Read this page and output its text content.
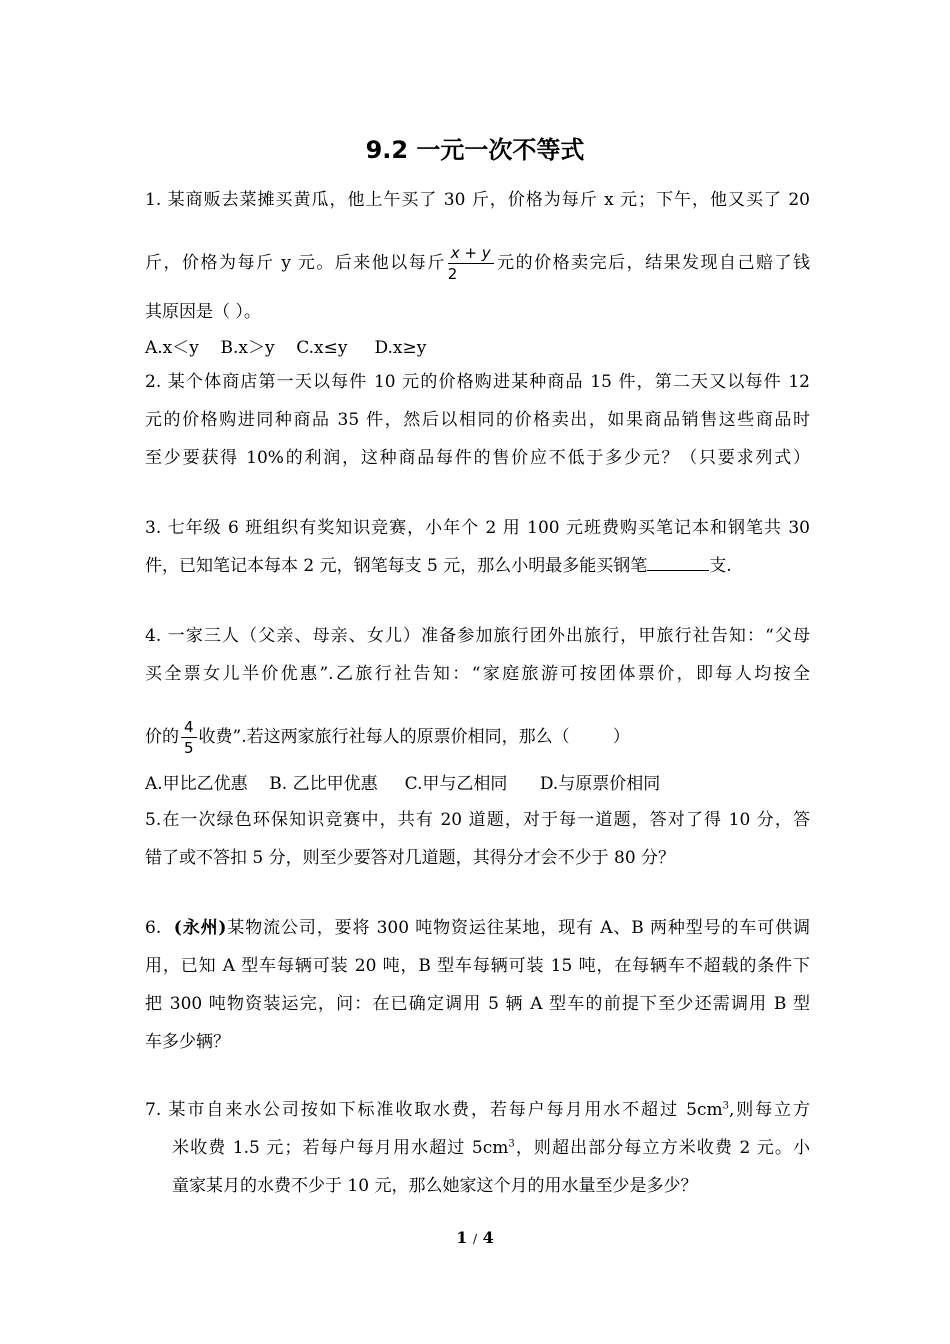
9.2 一元一次不等式
1. 某商贩去菜摊买黄瓜，他上午买了 30 斤，价格为每斤 x 元；下午，他又买了 20
斤，价格为每斤 y 元。后来他以每斤 $\frac{x + y}{2}$ 元的价格卖完后，结果发现自己赔了钱
其原因是（ ）。
A.x＜y    B.x＞y    C.x≤y     D.x≥y
2. 某个体商店第一天以每件 10 元的价格购进某种商品 15 件，第二天又以每件 12
元的价格购进同种商品 35 件，然后以相同的价格卖出，如果商品销售这些商品时
至少要获得 10%的利润，这种商品每件的售价应不低于多少元？（只要求列式）
3. 七年级 6 班组织有奖知识竞赛，小年个 2 用 100 元班费购买笔记本和钢笔共 30
件，已知笔记本每本 2 元，钢笔每支 5 元，那么小明最多能买钢笔	支.
4. 一家三人（父亲、母亲、女儿）准备参加旅行团外出旅行，甲旅行社告知：“父母
买全票女儿半价优惠”.乙旅行社告知：“家庭旅游可按团体票价，即每人均按全
价的 $\frac{4}{5}$ 收费”.若这两家旅行社每人的原票价相同，那么（        ）
A.甲比乙优惠    B. 乙比甲优惠     C.甲与乙相同      D.与原票价相同
5.在一次绿色环保知识竞赛中，共有 20 道题，对于每一道题，答对了得 10 分，答
错了或不答扣 5 分，则至少要答对几道题，其得分才会不少于 80 分？
6.  (永州)某物流公司，要将 300 吨物资运往某地，现有 A、B 两种型号的车可供调
用，已知 A 型车每辆可装 20 吨，B 型车每辆可装 15 吨，在每辆车不超载的条件下
把 300 吨物资装运完，问：在已确定调用 5 辆 A 型车的前提下至少还需调用 B 型
车多少辆？
7. 某市自来水公司按如下标准收取水费，若每户每月用水不超过 $5cm^3$,则每立方
米收费 1.5 元；若每户每月用水超过 $5cm^3$，则超出部分每立方米收费 2 元。小
童家某月的水费不少于 10 元，那么她家这个月的用水量至少是多少？
1 / 4
